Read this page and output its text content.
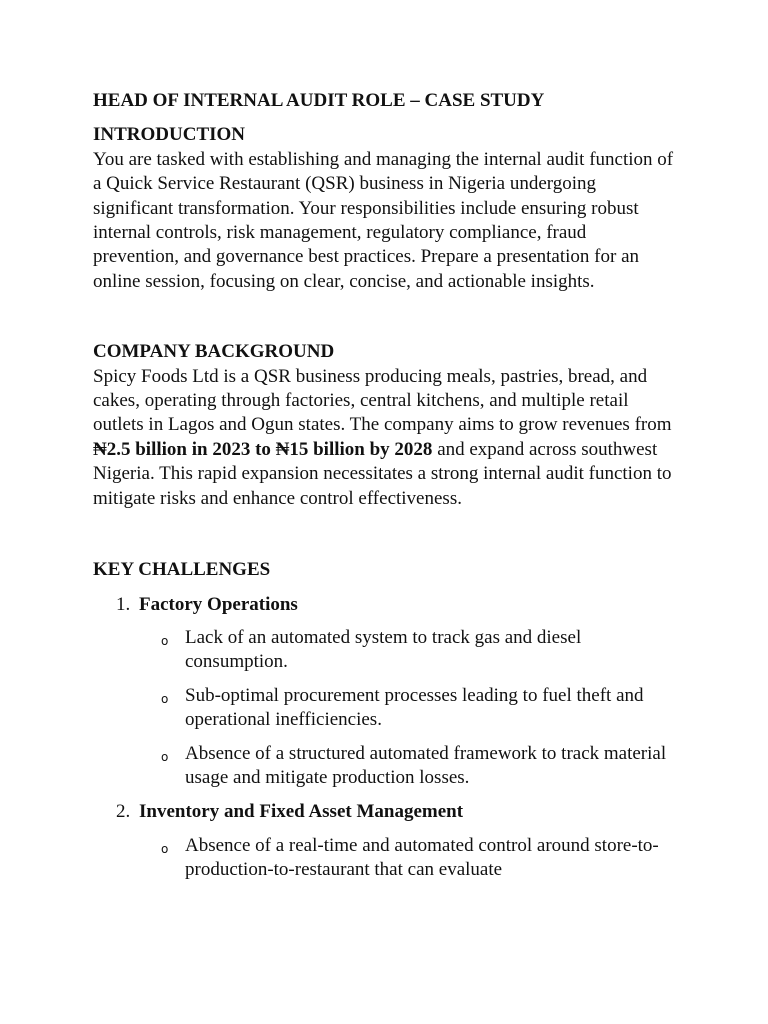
HEAD OF INTERNAL AUDIT ROLE – CASE STUDY

INTRODUCTION

You are tasked with establishing and managing the internal audit function of a Quick Service Restaurant (QSR) business in Nigeria undergoing significant transformation. Your responsibilities include ensuring robust internal controls, risk management, regulatory compliance, fraud prevention, and governance best practices. Prepare a presentation for an online session, focusing on clear, concise, and actionable insights.

COMPANY BACKGROUND

Spicy Foods Ltd is a QSR business producing meals, pastries, bread, and cakes, operating through factories, central kitchens, and multiple retail outlets in Lagos and Ogun states. The company aims to grow revenues from ₦2.5 billion in 2023 to ₦15 billion by 2028 and expand across southwest Nigeria. This rapid expansion necessitates a strong internal audit function to mitigate risks and enhance control effectiveness.

KEY CHALLENGES

1. Factory Operations
o Lack of an automated system to track gas and diesel consumption.
o Sub-optimal procurement processes leading to fuel theft and operational inefficiencies.
o Absence of a structured automated framework to track material usage and mitigate production losses.
2. Inventory and Fixed Asset Management
o Absence of a real-time and automated control around store-to-production-to-restaurant that can evaluate
